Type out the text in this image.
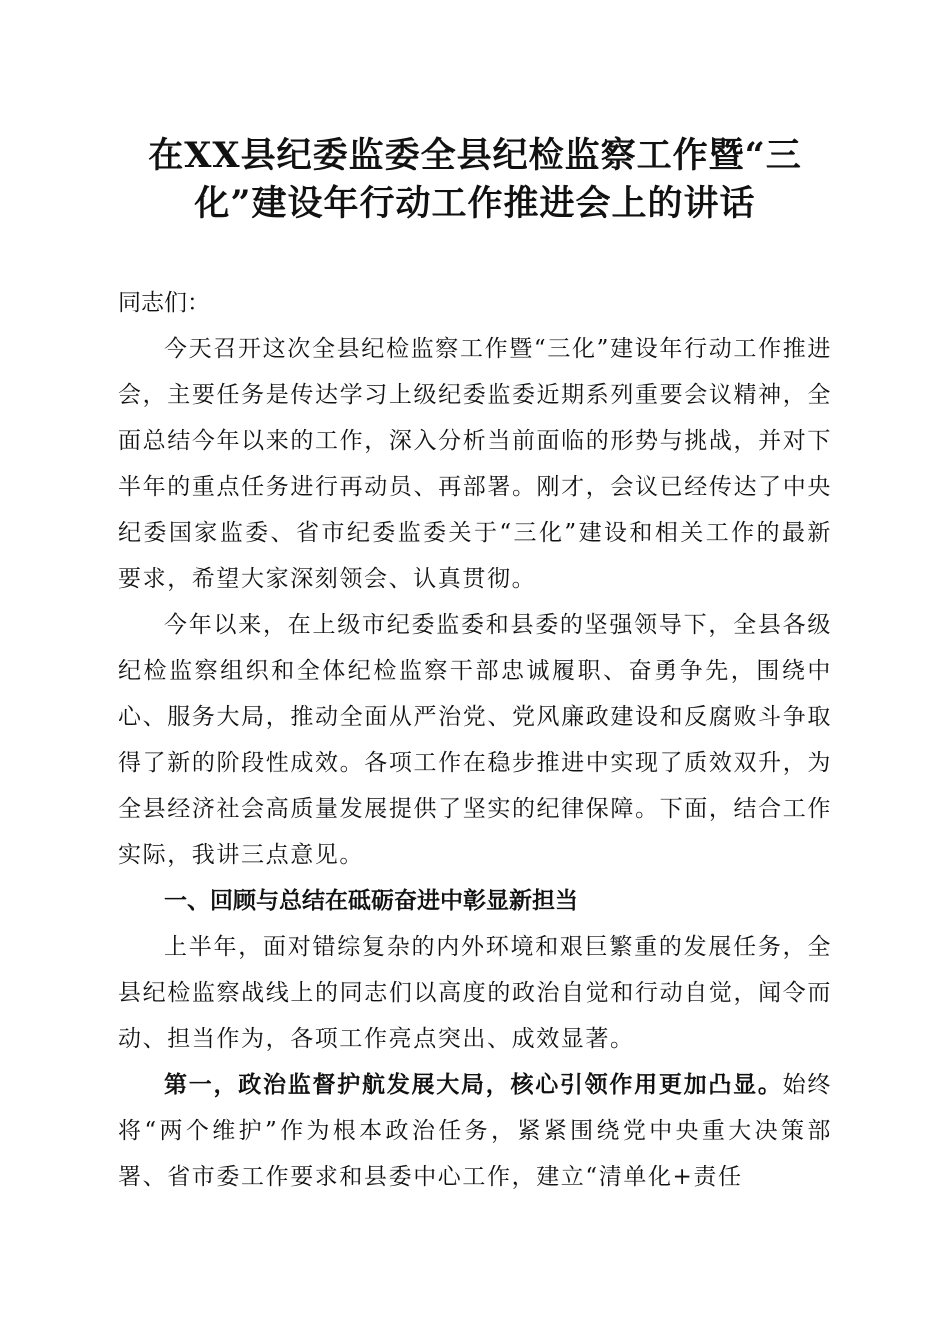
在XX县纪委监委全县纪检监察工作暨“三
化”建设年行动工作推进会上的讲话

同志们：

今天召开这次全县纪检监察工作暨“三化”建设年行动工作推进会，主要任务是传达学习上级纪委监委近期系列重要会议精神，全面总结今年以来的工作，深入分析当前面临的形势与挑战，并对下半年的重点任务进行再动员、再部署。刚才，会议已经传达了中央纪委国家监委、省市纪委监委关于“三化”建设和相关工作的最新要求，希望大家深刻领会、认真贯彻。

今年以来，在上级市纪委监委和县委的坚强领导下，全县各级纪检监察组织和全体纪检监察干部忠诚履职、奋勇争先，围绕中心、服务大局，推动全面从严治党、党风廉政建设和反腐败斗争取得了新的阶段性成效。各项工作在稳步推进中实现了质效双升，为全县经济社会高质量发展提供了坚实的纪律保障。下面，结合工作实际，我讲三点意见。

一、回顾与总结在砥砺奋进中彰显新担当

上半年，面对错综复杂的内外环境和艰巨繁重的发展任务，全县纪检监察战线上的同志们以高度的政治自觉和行动自觉，闻令而动、担当作为，各项工作亮点突出、成效显著。

第一，政治监督护航发展大局，核心引领作用更加凸显。始终将“两个维护”作为根本政治任务，紧紧围绕党中央重大决策部署、省市委工作要求和县委中心工作，建立“清单化+责任
